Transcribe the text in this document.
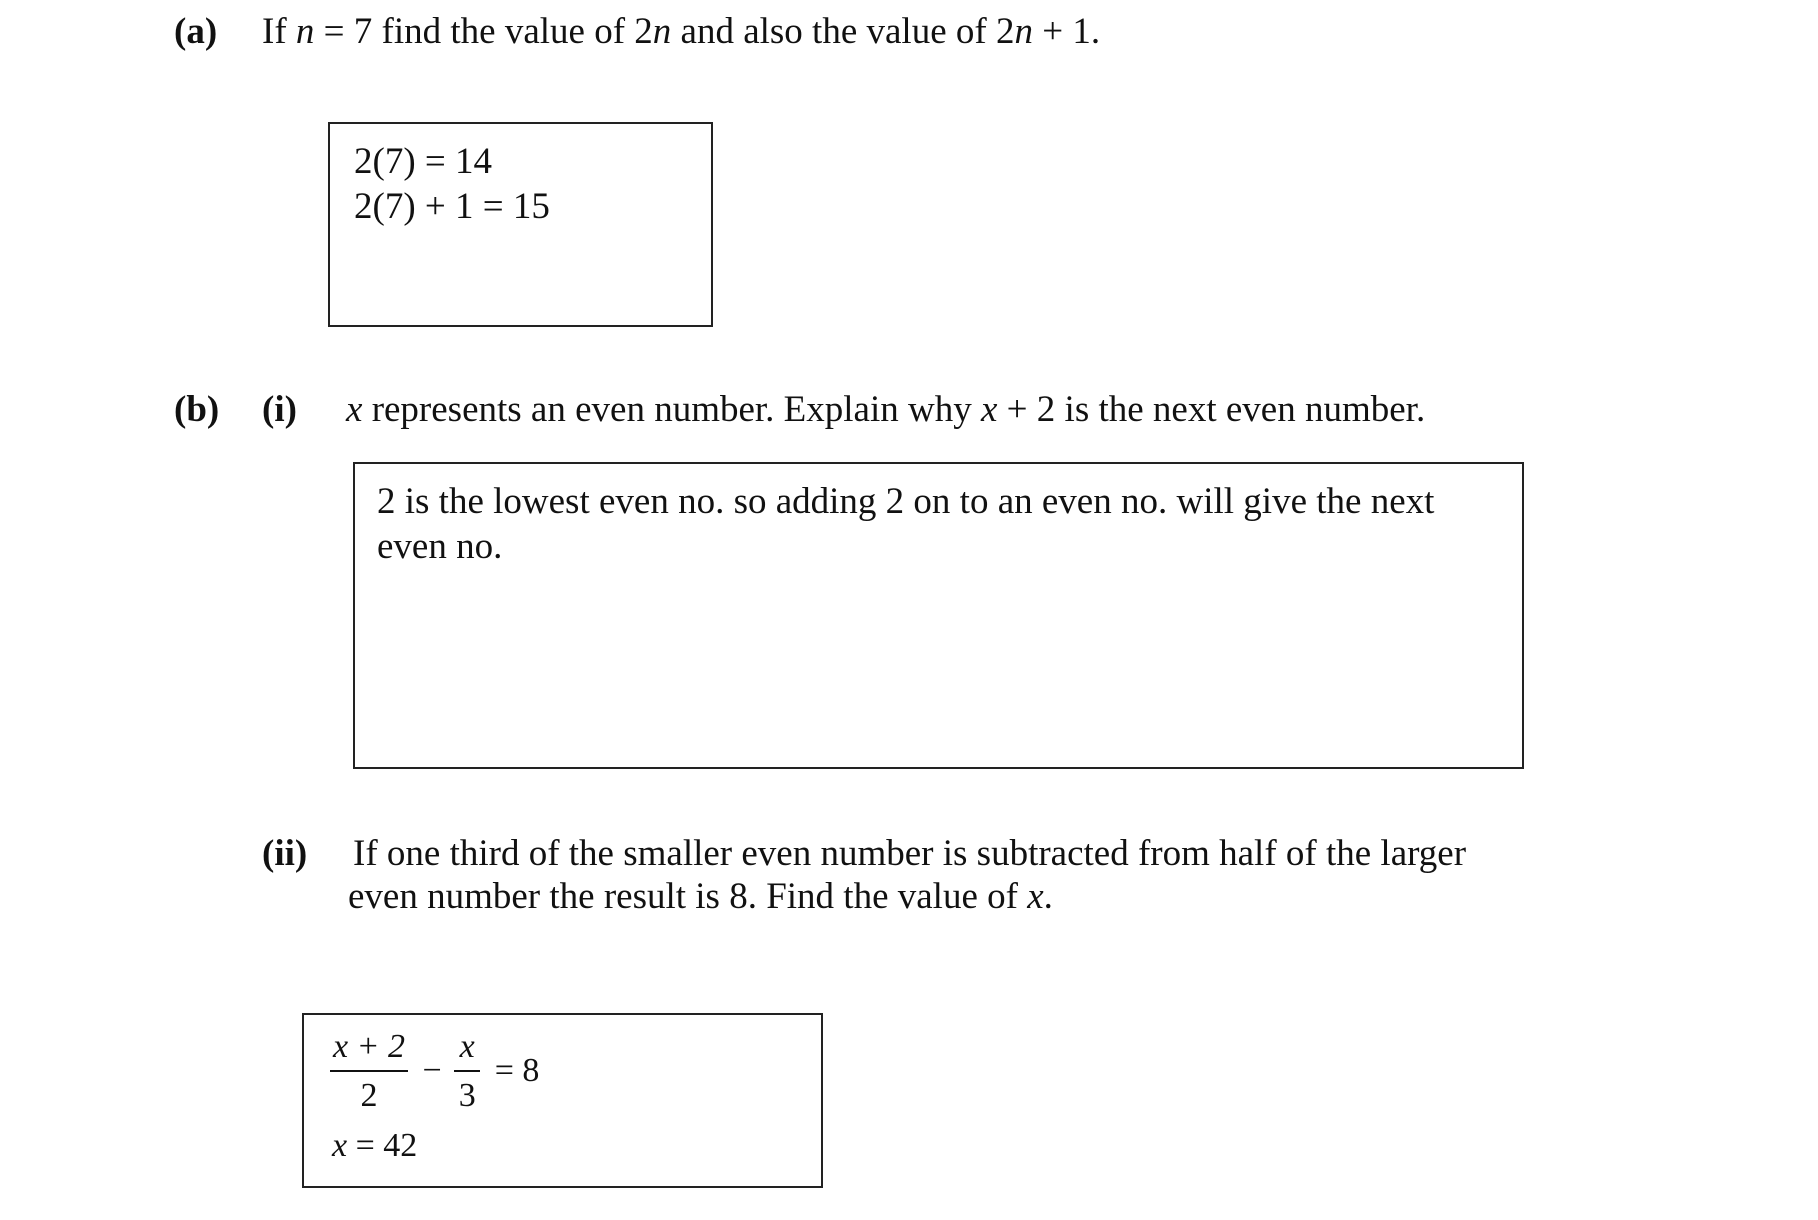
(a) If n = 7 find the value of 2n and also the value of 2n + 1.
2(7) = 14
2(7) + 1 = 15
(b) (i) x represents an even number. Explain why x + 2 is the next even number.
2 is the lowest even no. so adding 2 on to an even no. will give the next
even no.
(ii) If one third of the smaller even number is subtracted from half of the larger
even number the result is 8. Find the value of x.
$\frac{x + 2}{2} - \frac{x}{3} = 8$
x = 42
